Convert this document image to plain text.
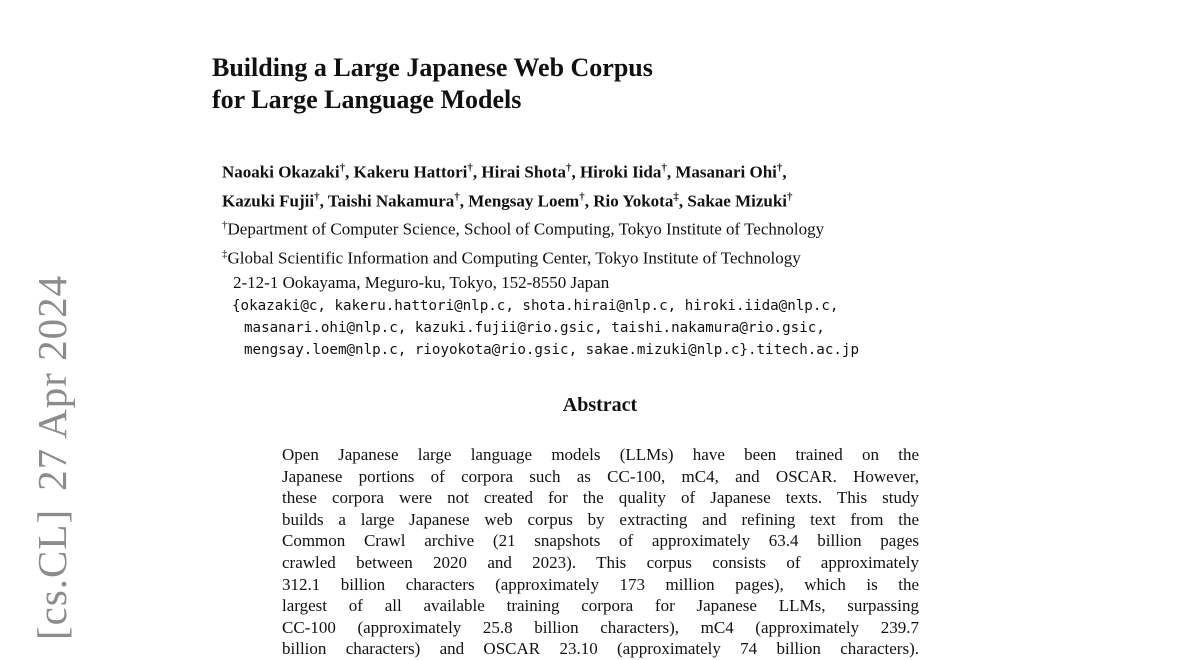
[cs.CL]27 Apr 2024
Building a Large Japanese Web Corpus
for Large Language Models
Naoaki Okazaki†, Kakeru Hattori†, Hirai Shota†, Hiroki Iida†, Masanari Ohi†,
Kazuki Fujii†, Taishi Nakamura†, Mengsay Loem†, Rio Yokota‡, Sakae Mizuki†
†Department of Computer Science, School of Computing, Tokyo Institute of Technology
‡Global Scientific Information and Computing Center, Tokyo Institute of Technology
2-12-1 Ookayama, Meguro-ku, Tokyo, 152-8550 Japan
{okazaki@c, kakeru.hattori@nlp.c, shota.hirai@nlp.c, hiroki.iida@nlp.c,
masanari.ohi@nlp.c, kazuki.fujii@rio.gsic, taishi.nakamura@rio.gsic,
mengsay.loem@nlp.c, rioyokota@rio.gsic, sakae.mizuki@nlp.c}.titech.ac.jp
Abstract
Open Japanese large language models (LLMs) have been trained on the
Japanese portions of corpora such as CC-100, mC4, and OSCAR. However,
these corpora were not created for the quality of Japanese texts. This study
builds a large Japanese web corpus by extracting and refining text from the
Common Crawl archive (21 snapshots of approximately 63.4 billion pages
crawled between 2020 and 2023). This corpus consists of approximately
312.1 billion characters (approximately 173 million pages), which is the
largest of all available training corpora for Japanese LLMs, surpassing
CC-100 (approximately 25.8 billion characters), mC4 (approximately 239.7
billion characters) and OSCAR 23.10 (approximately 74 billion characters).
